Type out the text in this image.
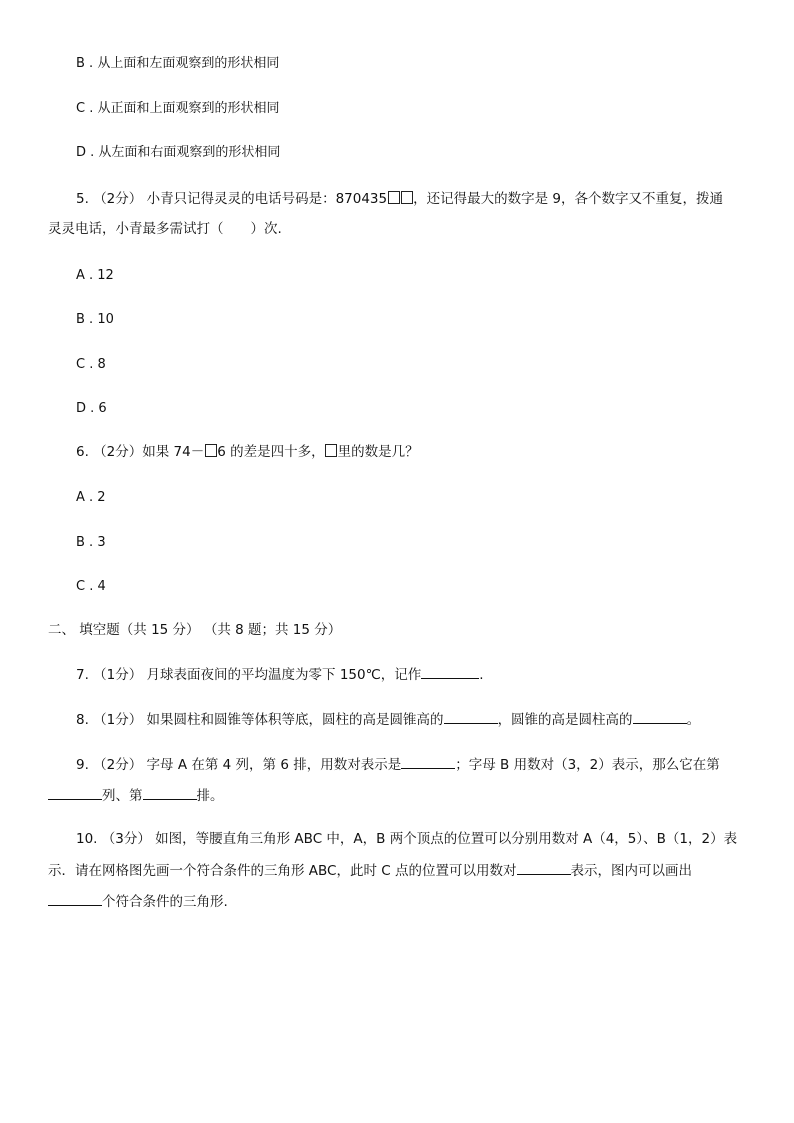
B . 从上面和左面观察到的形状相同
C . 从正面和上面观察到的形状相同
D . 从左面和右面观察到的形状相同
5. （2分） 小青只记得灵灵的电话号码是：870435 ，还记得最大的数字是 9，各个数字又不重复，拨通
灵灵电话，小青最多需试打（　　）次.
A . 12
B . 10
C . 8
D . 6
6. （2分）如果 74－ 6 的差是四十多， 里的数是几？
A . 2
B . 3
C . 4
二、 填空题（共 15 分） （共 8 题；共 15 分）
7. （1分） 月球表面夜间的平均温度为零下 150℃，记作	.
8. （1分） 如果圆柱和圆锥等体积等底，圆柱的高是圆锥高的	，圆锥的高是圆柱高的	。
9. （2分） 字母 A 在第 4 列，第 6 排，用数对表示是	；字母 B 用数对（3，2）表示，那么它在第
列、第	排。
10. （3分） 如图，等腰直角三角形 ABC 中，A，B 两个顶点的位置可以分别用数对 A（4，5）、B（1，2）表
示．请在网格图先画一个符合条件的三角形 ABC，此时 C 点的位置可以用数对	表示，图内可以画出
个符合条件的三角形.
